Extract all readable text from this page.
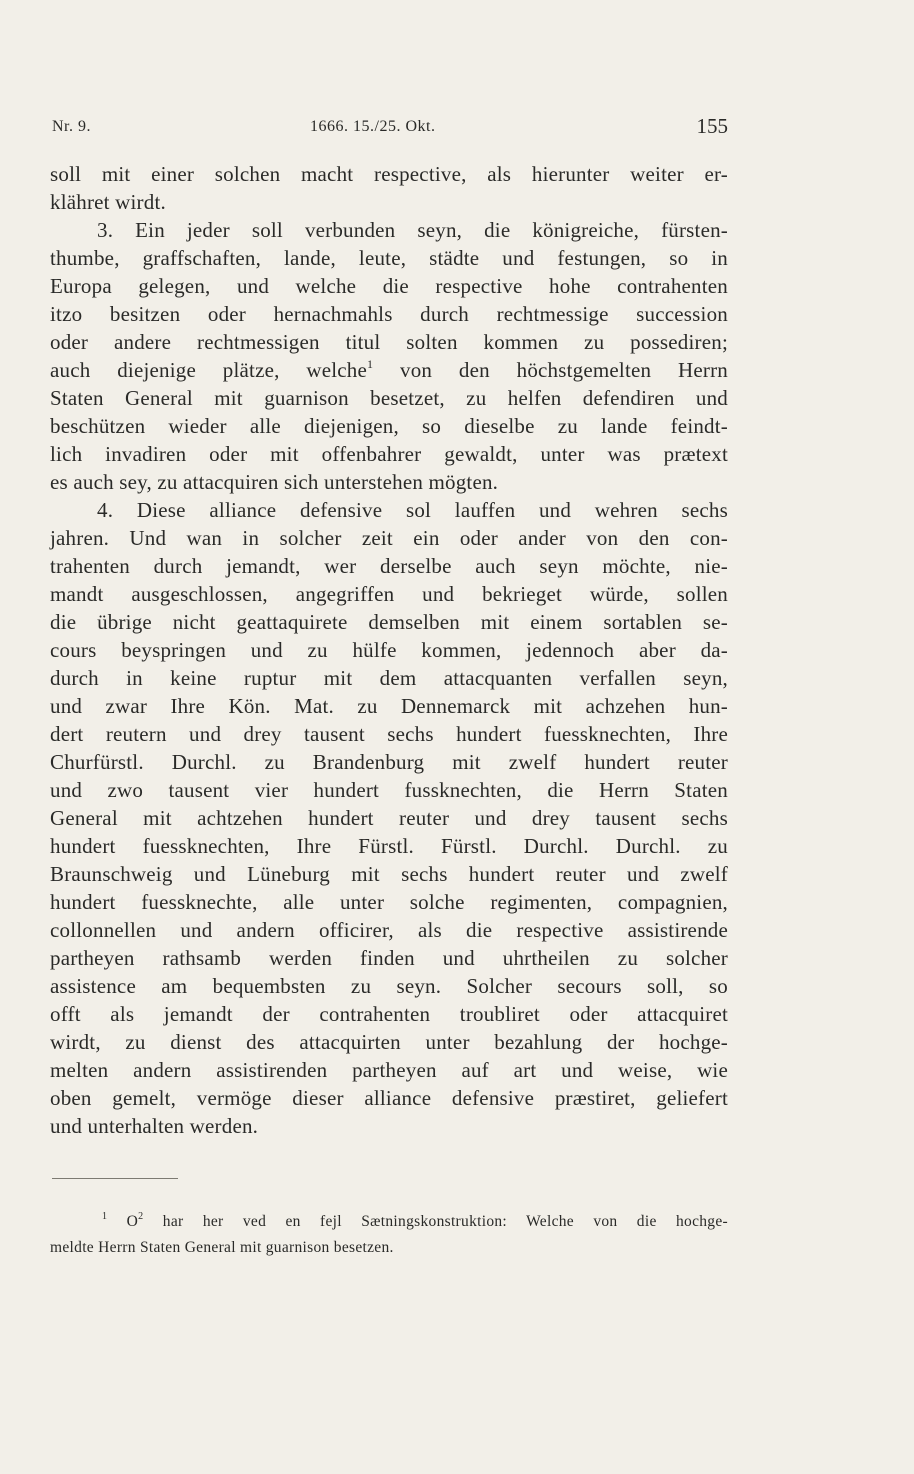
Nr. 9.	1666. 15./25. Okt.	155
soll mit einer solchen macht respective, als hierunter weiter er-
klähret wirdt.
3. Ein jeder soll verbunden seyn, die königreiche, fürsten-
thumbe, graffschaften, lande, leute, städte und festungen, so in
Europa gelegen, und welche die respective hohe contrahenten
itzo besitzen oder hernachmahls durch rechtmessige succession
oder andere rechtmessigen titul solten kommen zu possediren;
auch diejenige plätze, welche$^1$ von den höchstgemelten Herrn
Staten General mit guarnison besetzet, zu helfen defendiren und
beschützen wieder alle diejenigen, so dieselbe zu lande feindt-
lich invadiren oder mit offenbahrer gewaldt, unter was prætext
es auch sey, zu attacquiren sich unterstehen mögten.
4. Diese alliance defensive sol lauffen und wehren sechs
jahren. Und wan in solcher zeit ein oder ander von den con-
trahenten durch jemandt, wer derselbe auch seyn möchte, nie-
mandt ausgeschlossen, angegriffen und bekrieget würde, sollen
die übrige nicht geattaquirete demselben mit einem sortablen se-
cours beyspringen und zu hülfe kommen, jedennoch aber da-
durch in keine ruptur mit dem attacquanten verfallen seyn,
und zwar Ihre Kön. Mat. zu Dennemarck mit achzehen hun-
dert reutern und drey tausent sechs hundert fuessknechten, Ihre
Churfürstl. Durchl. zu Brandenburg mit zwelf hundert reuter
und zwo tausent vier hundert fussknechten, die Herrn Staten
General mit achtzehen hundert reuter und drey tausent sechs
hundert fuessknechten, Ihre Fürstl. Fürstl. Durchl. Durchl. zu
Braunschweig und Lüneburg mit sechs hundert reuter und zwelf
hundert fuessknechte, alle unter solche regimenten, compagnien,
collonnellen und andern officirer, als die respective assistirende
partheyen rathsamb werden finden und uhrtheilen zu solcher
assistence am bequembsten zu seyn. Solcher secours soll, so
offt als jemandt der contrahenten troubliret oder attacquiret
wirdt, zu dienst des attacquirten unter bezahlung der hochge-
melten andern assistirenden partheyen auf art und weise, wie
oben gemelt, vermöge dieser alliance defensive præstiret, geliefert
und unterhalten werden.
$^1$ $O^2$ har her ved en fejl Sætningskonstruktion: Welche von die hochge-
meldte Herrn Staten General mit guarnison besetzen.
